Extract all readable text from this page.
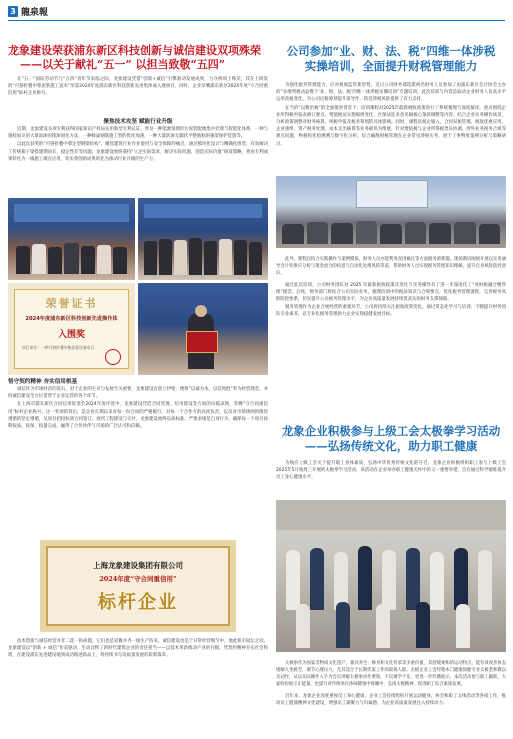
3 龍泉報
龙象建设荣获浦东新区科技创新与诚信建设双项殊荣
——以关于献礼“五一” 以担当致敬“五四”

在“五一”国际劳动节与“五四”青年节来临之际，龙象建设凭借“创新+诚信”引擎驱动发展成果，力夺两项上殊荣，其在上研发的“可挤折叠中柴泥浆施工技术”荣获2024年度浦东新区科技创新先进集体成入展项目，同时，企业荣膺浦东新区2024年度“守合同重信用”标杆企业称号。

聚焦技术攻坚 赋能行业升级

近期，龙象建设多项专利获得国家知识产权局实用新型专利认证，涉及一种能源预填形污泥装配地集中处理与智能化体系，一种与施检雨交的大暴雨渗的排渗固化方法，一种蜂巢钢筋施工型的优化加速，一种大量防渗无脚状平整地粘的强架保护装置等。

以此次获奖的“可挤折叠中柴定型钢梁结构”，聚焦建筑行业作业使用与安全保障的痛点，通过模块化设计与精确化组装，有效解决了传统箱子梁搭建期间长，稳定性差等问题。龙象建设始终秉持“立足实际需求，解决实际问题，创造实际价值”研发策略，将由专利成果转化为一线施工端点应用，切实将创新成果转化为推动行业升级的生产力。

荣誉证书
2024年度浦东新区科技创新先进操作体
入围奖
项目单位：一种可挤折叠中柴泥浆设备项目
恪守契约精神 夯实信用根基

诚信作为市场经济的基石，对于企业的生存与发展至关重要，龙象建设自创立伊始，便将“以诚为本，以信致胜”奉为经营理念，并持诚信建设全方位贯穿于企业运营的各个环节。

在上海市浦东新区合同信用促进会2024年度评选中，龙象建设凭借合同管理，信用建设等方面的卓越表现，荣膺“守合同重信用”标杆企业称号，这一奖项的背后，是企业长期以来对每一份合同的严格履行，对每一个合作方的高度负责，以及对市场规则的敬畏遵循的坚定遵循，从项目招投标到合同签订、再到工程建设与交付，龙象建设始终以高标准、严要求规范自身行为，确保每一个项目按期按质、按预、按量完成，赢得了合作伙伴与市场的广泛认可和信赖。

上海龙象建设集团有限公司
2024年度“守合同重信用”
标杆企业

技术创新与诚信经营并非二选一的命题，它们也是双翼并齐一线生产阵来，诚信建设也是于日常经营细节中，他此和市间坛之次。龙象建设以“创新 + 诚信”作双驱动，生动诠释了新时代建筑企业的责任担当——以技术革新推动产业的升级，凭契约精神夯实社会和谐，在建设浦东先进建设地到成功路进新品上，将持续书写高质量发展的崭新篇章。

公司参加“业、财、法、税”四维一体涉税
实操培训，全面提升财税管理能力

为强化税务管理能力，应对税收监管新形势，近日公司财务部选派两名财务人员参加了由浦东新区会计协会主办的“多维判税动益暨下‘业、财、法、税’四维一体涉税实操培训”专题培训，此次培训与内容是取动企业财务人员高水平运用改税变化，为公司应税筹划提升前导作，防范涉税风险提供了有力支持。

在当的“以数治税”的全面推进背景下，培训课程对2025年最新税收政策进行了系统梳理与深度解读，重点围绕企业所得税申报表修订要点、增值税法实施细则变化、社保法征求意见稿核心条款调整等内容。结合企业实务操作场景，分析政策调整对财务核算、纳税申报及税务筹划的具体影响。同时，课程以税企服入，合同异税管理、税收优惠应用、企业重组、资产税务处理、成本支出核算等业务板块为维展，针对增值税与企业所得税类异协调、涉外业务税务合规等难点问题，物税校化检测测与数字化分析，综合确散财税管理在企业常见涉税实务，展于了事物度案例分析与策略研讨。

此外，课程还结合实践操作与案例模拟，财务人员亦能利用改进痛注等方面税务重难题。现场教培刚展开展以实用涵导会计转换应分析与现金流合的构思与自动化处理风险等前，帮助财务人员实现税务管理知识理解，提升自身风险防控意识。

通过此次培训，公司财务团队对 2025 年最新税收政策及变化与实务操作有了进一步深度化了“业财税融合精管理”理念。后续，财务部门将结合公司实际业务，梳理培训中的税法知识与合规要点，优化税务管理流程，完善税务风险防控体系，切实提升公司税务管理水平，为企业高质量发展持续筑高实的财务支撑保障。

税务管理作为企业合规经营的重要环节，公司将持续关注税收政策变化，通过常态化学习与培训，不断提升财务团队专业素养，以专业化税务管理助力企业实现稳健发展目标。

龙象企业积极参与上级工会太极拳学习活动
——弘扬传统文化，助力职工健康

为响应上级工会关于提升职工身体素质，弘扬中华优秀传统文化的号召，龙象企业积极组织职工参与上级工会2025年5月始周三开展的太极拳学习活动，该活动在企业举办职工健康关怀中的又一重要举措，旨在通过科学锻炼提升员工身心健康水平。

太极拳作为国家非物质文化遗产，兼具养生、修身和文化传承等多重价值，其舒缓柔和的运动特点，能有效改善体态缓解久坐疲劳，调节心理压力，尤其适合于长期伏案工作的职场人群。太极企业工会特邀本门健康保健专业太极老师教以及动作，从以实际操作入手为会员讲解太极拳动作要领，不仅寓学于乐，更进一步传播展示。本次活动参与职工踊跃，大家纷纷展示正能量，也提升对传统拳在体味健康中体魄中，弘扬太极精神，促进职工综合素质发展。

近年来，龙象企业高度重视员工身心健康，企业工会持续组织开展运动健身、协会和职工文体活动等各项工作，推动员工健康精神文化建设，增强员工凝聚力与归属感，为企业高质量发展注入持续动力。
